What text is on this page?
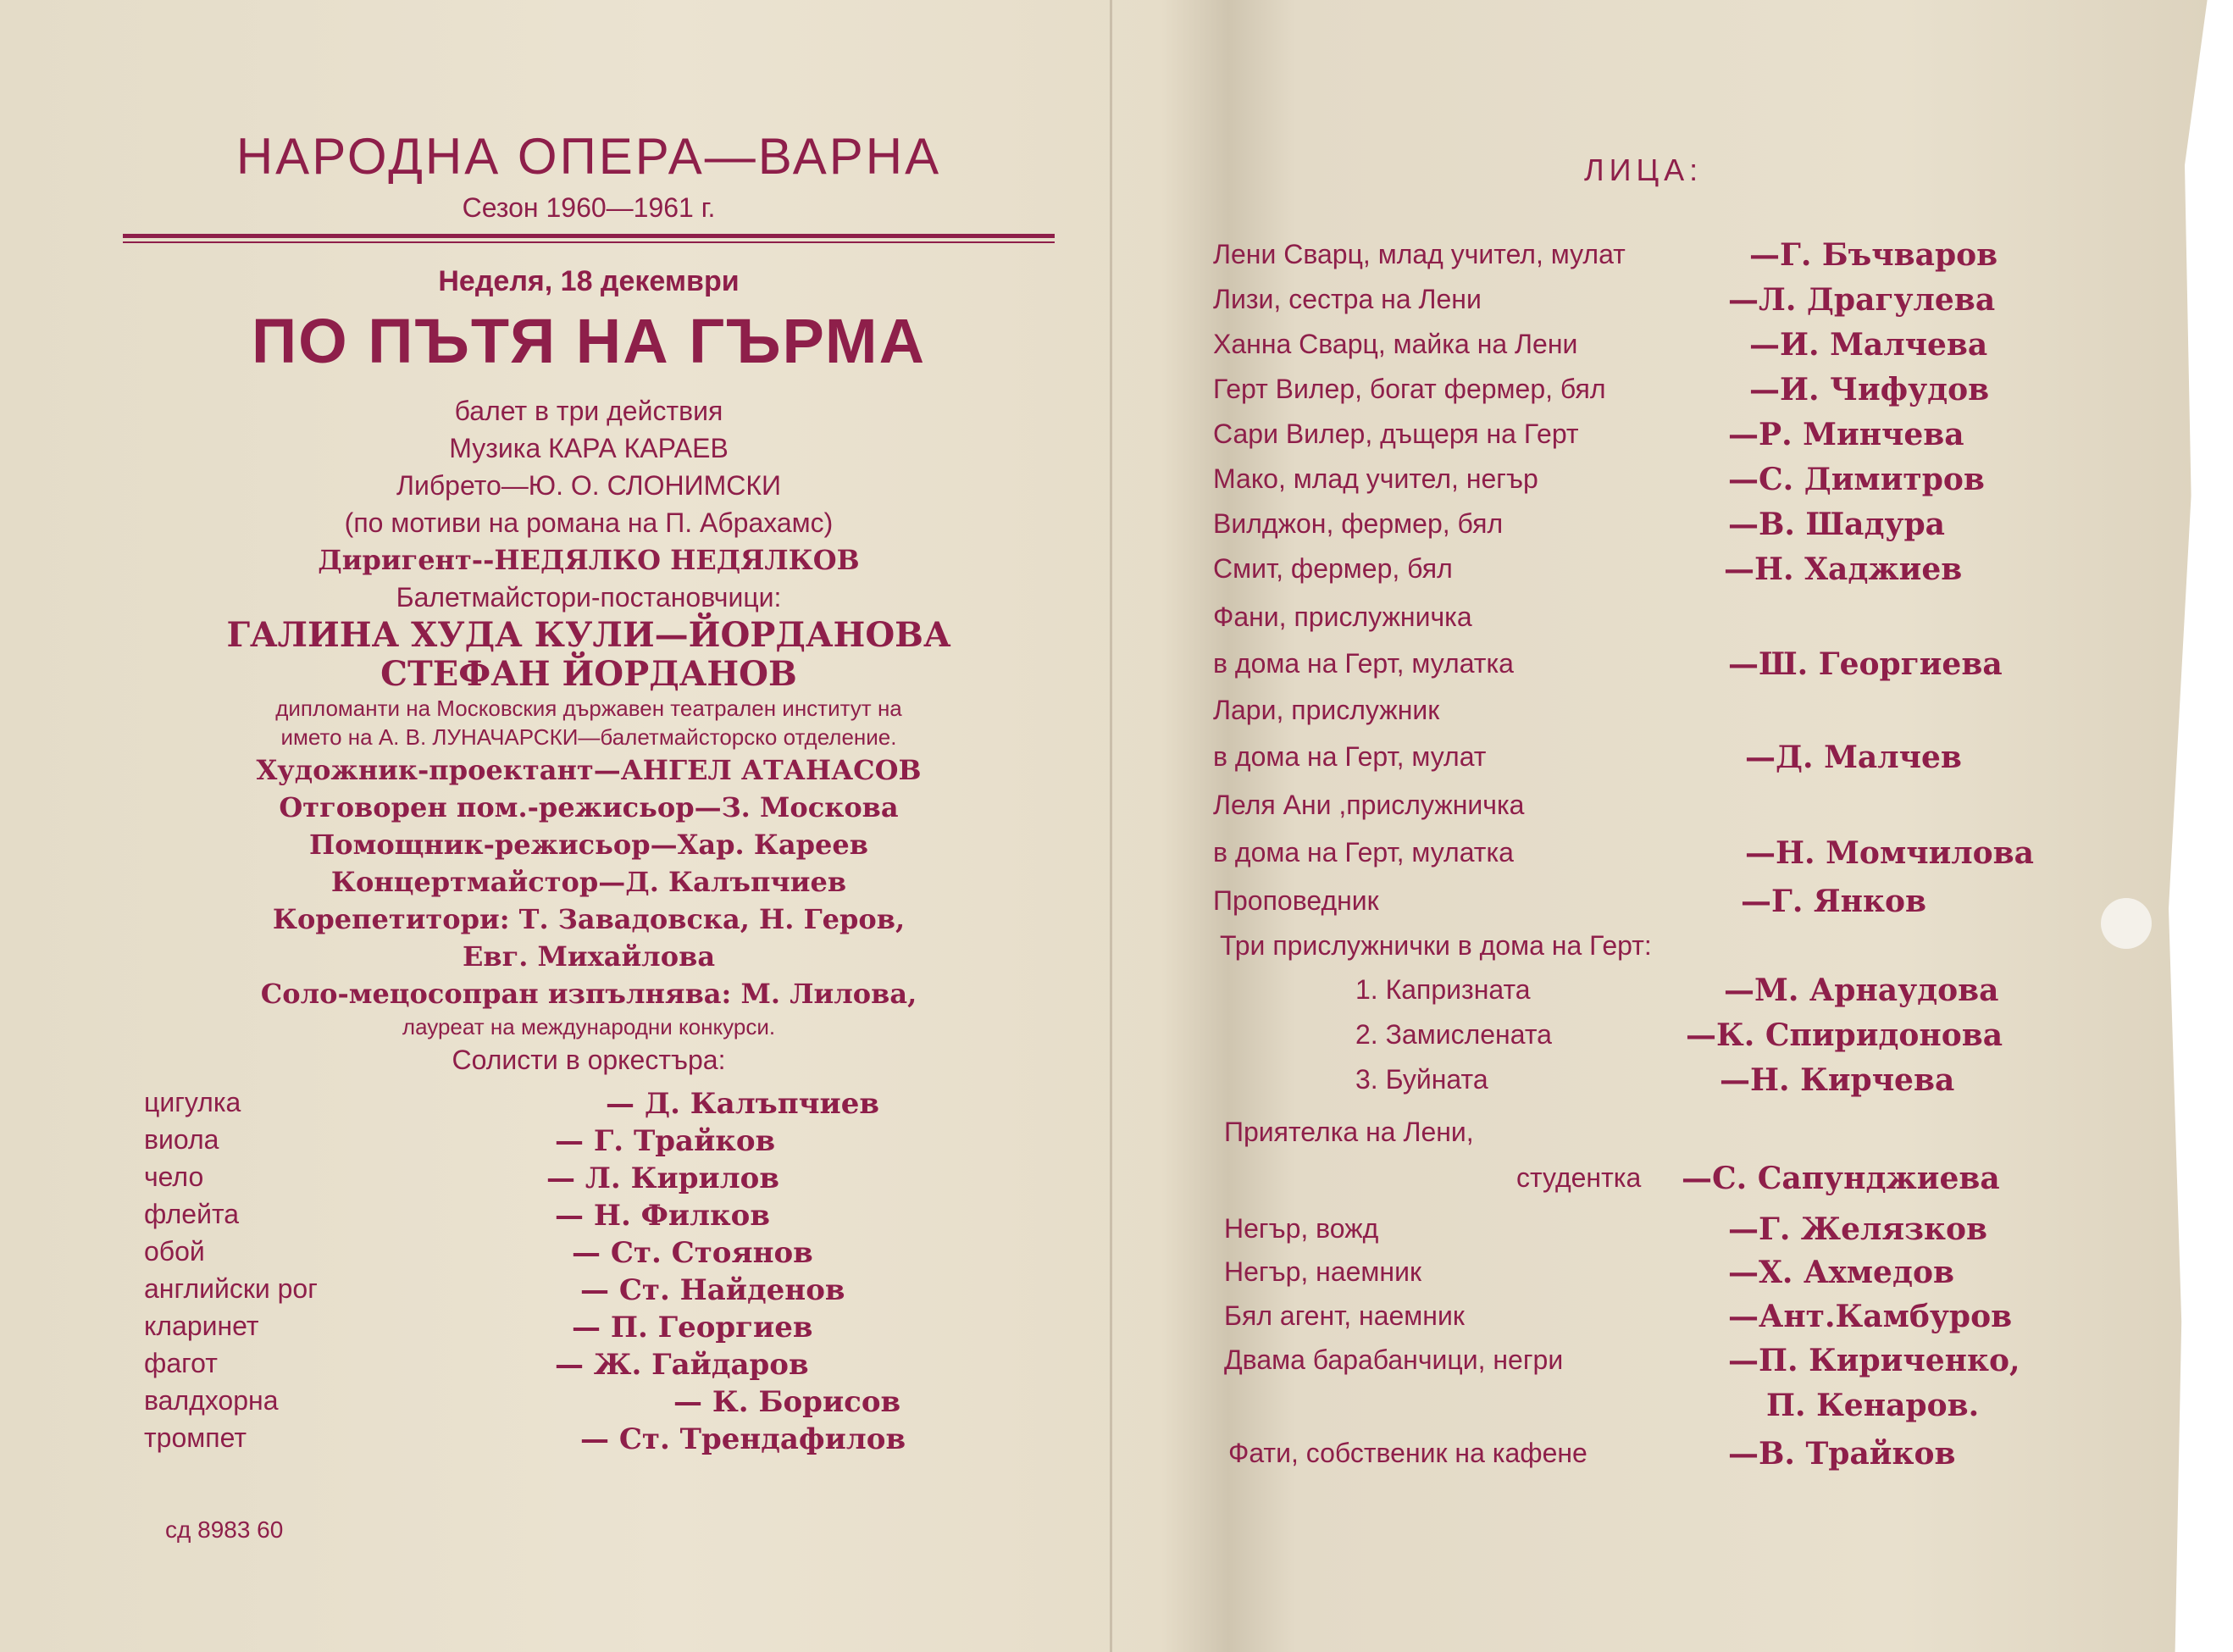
НАРОДНА ОПЕРА—ВАРНА
Сезон 1960—1961 г.
Неделя, 18 декември
ПО ПЪТЯ НА ГЪРМА
балет в три действия
Музика КАРА КАРАЕВ
Либрето—Ю. О. СЛОНИМСКИ
(по мотиви на романа на П. Абрахамс)
Диригент--НЕДЯЛКО НЕДЯЛКОВ
Балетмайстори-постановчици:
ГАЛИНА ХУДА КУЛИ—ЙОРДАНОВА
СТЕФАН ЙОРДАНОВ
дипломанти на Московския държавен театрален институт на
името на А. В. ЛУНАЧАРСКИ—балетмайсторско отделение.
Художник-проектант—АНГЕЛ АТАНАСОВ
Отговорен пом.-режисьор—З. Москова
Помощник-режисьор—Хар. Кареев
Концертмайстор—Д. Калъпчиев
Корепетитори: Т. Завадовска, Н. Геров,
Евг. Михайлова
Соло-мецосопран изпълнява: М. Лилова,
лауреат на международни конкурси.
Солисти в оркестъра:
цигулка	— Д. Калъпчиев
виола	— Г. Трайков
чело	— Л. Кирилов
флейта	— Н. Филков
обой	— Ст. Стоянов
английски рог	— Ст. Найденов
кларинет	— П. Георгиев
фагот	— Ж. Гайдаров
валдхорна	— К. Борисов
тромпет	— Ст. Трендафилов
сд 8983 60
ЛИЦА:
Лени Сварц, млад учител, мулат	—Г. Бъчваров
Лизи, сестра на Лени	—Л. Драгулева
Ханна Сварц, майка на Лени	—И. Малчева
Герт Вилер, богат фермер, бял	—И. Чифудов
Сари Вилер, дъщеря на Герт	—Р. Минчева
Мако, млад учител, негър	—С. Димитров
Вилджон, фермер, бял	—В. Шадура
Смит, фермер, бял	—Н. Хаджиев
Фани, прислужничка
в дома на Герт, мулатка	—Ш. Георгиева
Лари, прислужник
в дома на Герт, мулат	—Д. Малчев
Леля Ани ,прислужничка
в дома на Герт, мулатка	—Н. Момчилова
Проповедник	—Г. Янков
Три прислужнички в дома на Герт:
1. Капризната	—М. Арнаудова
2. Замислената	—К. Спиридонова
3. Буйната	—Н. Кирчева
Приятелка на Лени,
студентка —С. Сапунджиева
Негър, вожд	—Г. Желязков
Негър, наемник	—Х. Ахмедов
Бял агент, наемник	—Ант.Камбуров
Двама барабанчици, негри	—П. Кириченко,
П. Кенаров.
Фати, собственик на кафене	—В. Трайков
